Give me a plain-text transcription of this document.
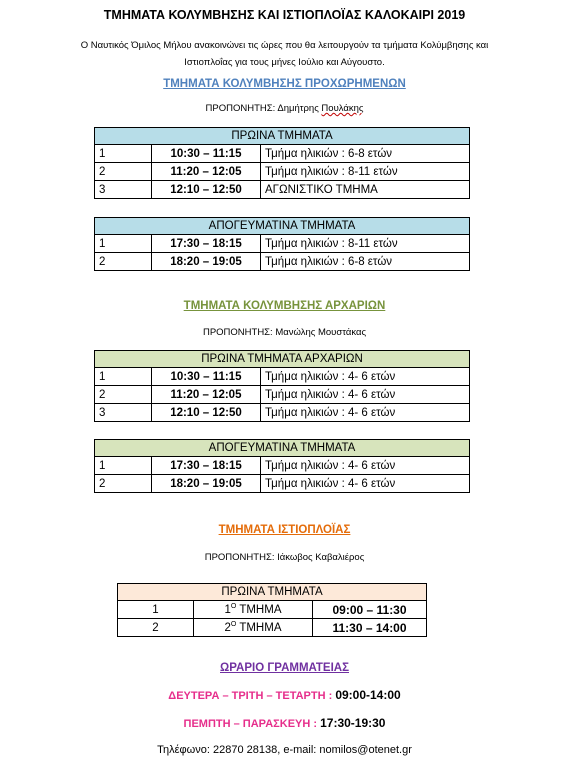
ΤΜΗΜΑΤΑ ΚΟΛΥΜΒΗΣΗΣ ΚΑΙ ΙΣΤΙΟΠΛΟΪΑΣ ΚΑΛΟΚΑΙΡΙ 2019
Ο Ναυτικός Όμιλος Μήλου ανακοινώνει τις ώρες που θα λειτουργούν τα τμήματα Κολύμβησης και
Ιστιοπλοΐας για τους μήνες Ιούλιο και Αύγουστο.
ΤΜΗΜΑΤΑ ΚΟΛΥΜΒΗΣΗΣ ΠΡΟΧΩΡΗΜΕΝΩΝ
ΠΡΟΠΟΝΗΤΗΣ: Δημήτρης Πουλάκης
ΠΡΩΙΝΑ ΤΜΗΜΑΤΑ		
1	10:30 – 11:15	Τμήμα ηλικιών : 6-8 ετών
2	11:20 – 12:05	Τμήμα ηλικιών : 8-11 ετών
3	12:10 – 12:50	ΑΓΩΝΙΣΤΙΚΟ ΤΜΗΜΑ
ΑΠΟΓΕΥΜΑΤΙΝΑ ΤΜΗΜΑΤΑ		
1	17:30 – 18:15	Τμήμα ηλικιών : 8-11 ετών
2	18:20 – 19:05	Τμήμα ηλικιών : 6-8 ετών
ΤΜΗΜΑΤΑ ΚΟΛΥΜΒΗΣΗΣ ΑΡΧΑΡΙΩΝ
ΠΡΟΠΟΝΗΤΗΣ: Μανώλης Μουστάκας
ΠΡΩΙΝΑ ΤΜΗΜΑΤΑ ΑΡΧΑΡΙΩΝ		
1	10:30 – 11:15	Τμήμα ηλικιών : 4- 6 ετών
2	11:20 – 12:05	Τμήμα ηλικιών : 4- 6 ετών
3	12:10 – 12:50	Τμήμα ηλικιών : 4- 6 ετών
ΑΠΟΓΕΥΜΑΤΙΝΑ ΤΜΗΜΑΤΑ		
1	17:30 – 18:15	Τμήμα ηλικιών : 4- 6 ετών
2	18:20 – 19:05	Τμήμα ηλικιών : 4- 6 ετών
ΤΜΗΜΑΤΑ ΙΣΤΙΟΠΛΟΪΑΣ
ΠΡΟΠΟΝΗΤΗΣ: Ιάκωβος Καβαλιέρος
ΠΡΩΙΝΑ ΤΜΗΜΑΤΑ		
1	$1^O$ ΤΜΗΜΑ	09:00 – 11:30
2	$2^O$ ΤΜΗΜΑ	11:30 – 14:00
ΩΡΑΡΙΟ ΓΡΑΜΜΑΤΕΙΑΣ
ΔΕΥΤΕΡΑ – ΤΡΙΤΗ – ΤΕΤΑΡΤΗ : 09:00-14:00
ΠΕΜΠΤΗ – ΠΑΡΑΣΚΕΥΗ : 17:30-19:30
Τηλέφωνο: 22870 28138, e-mail: nomilos@otenet.gr
